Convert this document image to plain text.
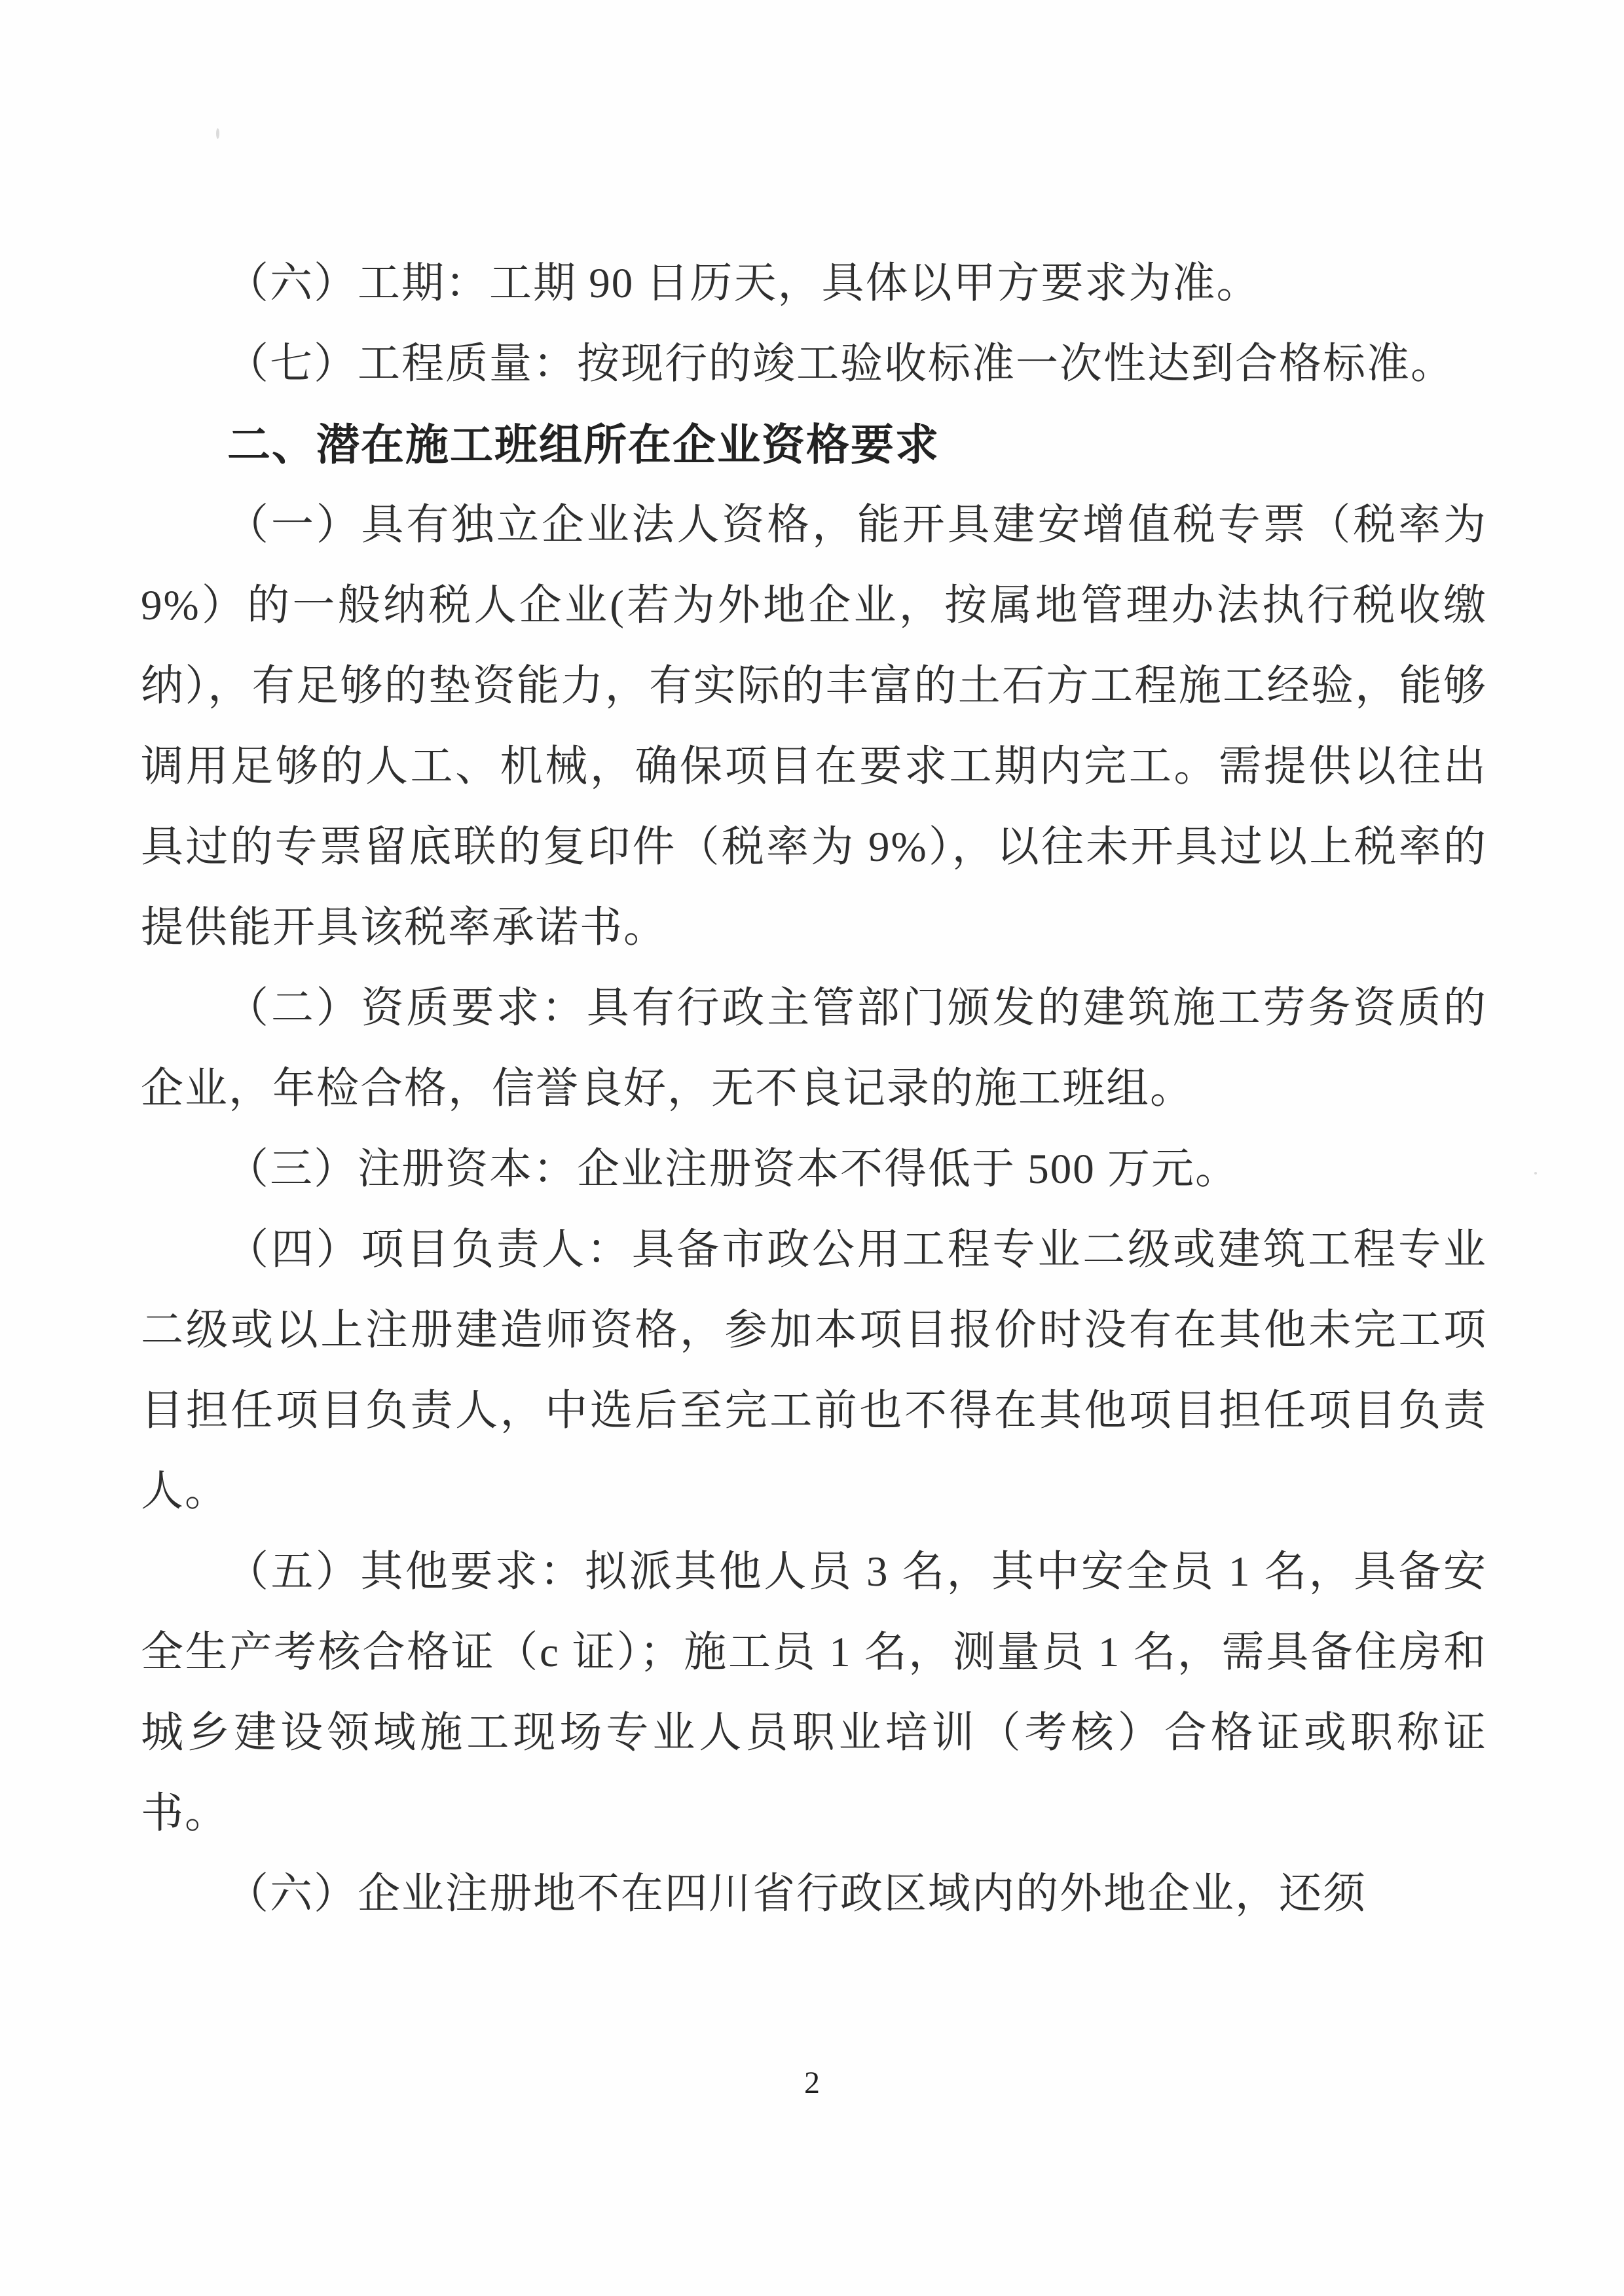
（六）工期：工期 90 日历天，具体以甲方要求为准。

（七）工程质量：按现行的竣工验收标准一次性达到合格标准。

二、潜在施工班组所在企业资格要求

（一）具有独立企业法人资格，能开具建安增值税专票（税率为 9%）的一般纳税人企业(若为外地企业，按属地管理办法执行税收缴纳），有足够的垫资能力，有实际的丰富的土石方工程施工经验，能够调用足够的人工、机械，确保项目在要求工期内完工。需提供以往出具过的专票留底联的复印件（税率为 9%），以往未开具过以上税率的提供能开具该税率承诺书。

（二）资质要求：具有行政主管部门颁发的建筑施工劳务资质的企业，年检合格，信誉良好，无不良记录的施工班组。

（三）注册资本：企业注册资本不得低于 500 万元。

（四）项目负责人：具备市政公用工程专业二级或建筑工程专业二级或以上注册建造师资格，参加本项目报价时没有在其他未完工项目担任项目负责人，中选后至完工前也不得在其他项目担任项目负责人。

（五）其他要求：拟派其他人员 3 名，其中安全员 1 名，具备安全生产考核合格证（c 证）；施工员 1 名，测量员 1 名，需具备住房和城乡建设领域施工现场专业人员职业培训（考核）合格证或职称证书。

（六）企业注册地不在四川省行政区域内的外地企业，还须

2
